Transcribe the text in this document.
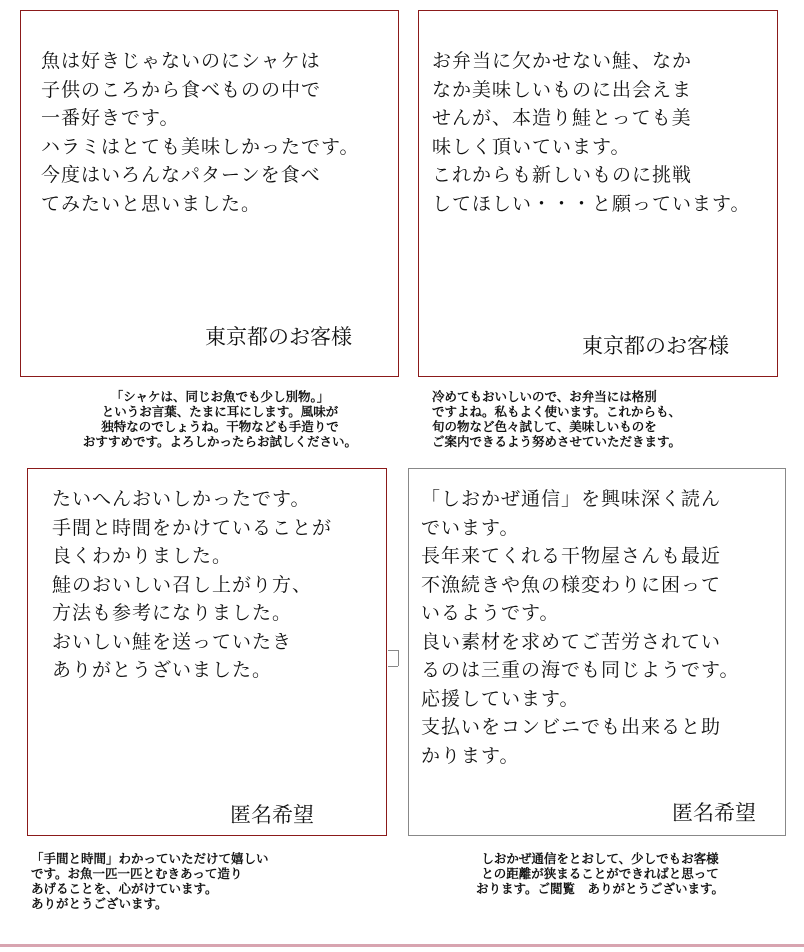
魚は好きじゃないのにシャケは
子供のころから食べものの中で
一番好きです。
ハラミはとても美味しかったです。
今度はいろんなパターンを食べ
てみたいと思いました。

東京都のお客様

「シャケは、同じお魚でも少し別物。」
というお言葉、たまに耳にします。風味が
独特なのでしょうね。干物なども手造りで
おすすめです。よろしかったらお試しください。

お弁当に欠かせない鮭、なか
なか美味しいものに出会えま
せんが、本造り鮭とっても美
味しく頂いています。
これからも新しいものに挑戦
してほしい・・・と願っています。

東京都のお客様

冷めてもおいしいので、お弁当には格別
ですよね。私もよく使います。これからも、
旬の物など色々試して、美味しいものを
ご案内できるよう努めさせていただきます。

たいへんおいしかったです。
手間と時間をかけていることが
良くわかりました。
鮭のおいしい召し上がり方、
方法も参考になりました。
おいしい鮭を送っていたき
ありがとうざいました。

匿名希望

「手間と時間」わかっていただけて嬉しい
です。お魚一匹一匹とむきあって造り
あげることを、心がけています。
ありがとうございます。

「しおかぜ通信」を興味深く読ん
でいます。
長年来てくれる干物屋さんも最近
不漁続きや魚の様変わりに困って
いるようです。
良い素材を求めてご苦労されてい
るのは三重の海でも同じようです。
応援しています。
支払いをコンビニでも出来ると助
かります。

匿名希望

しおかぜ通信をとおして、少しでもお客様
との距離が狭まることができればと思って
おります。ご閲覧　ありがとうございます。
